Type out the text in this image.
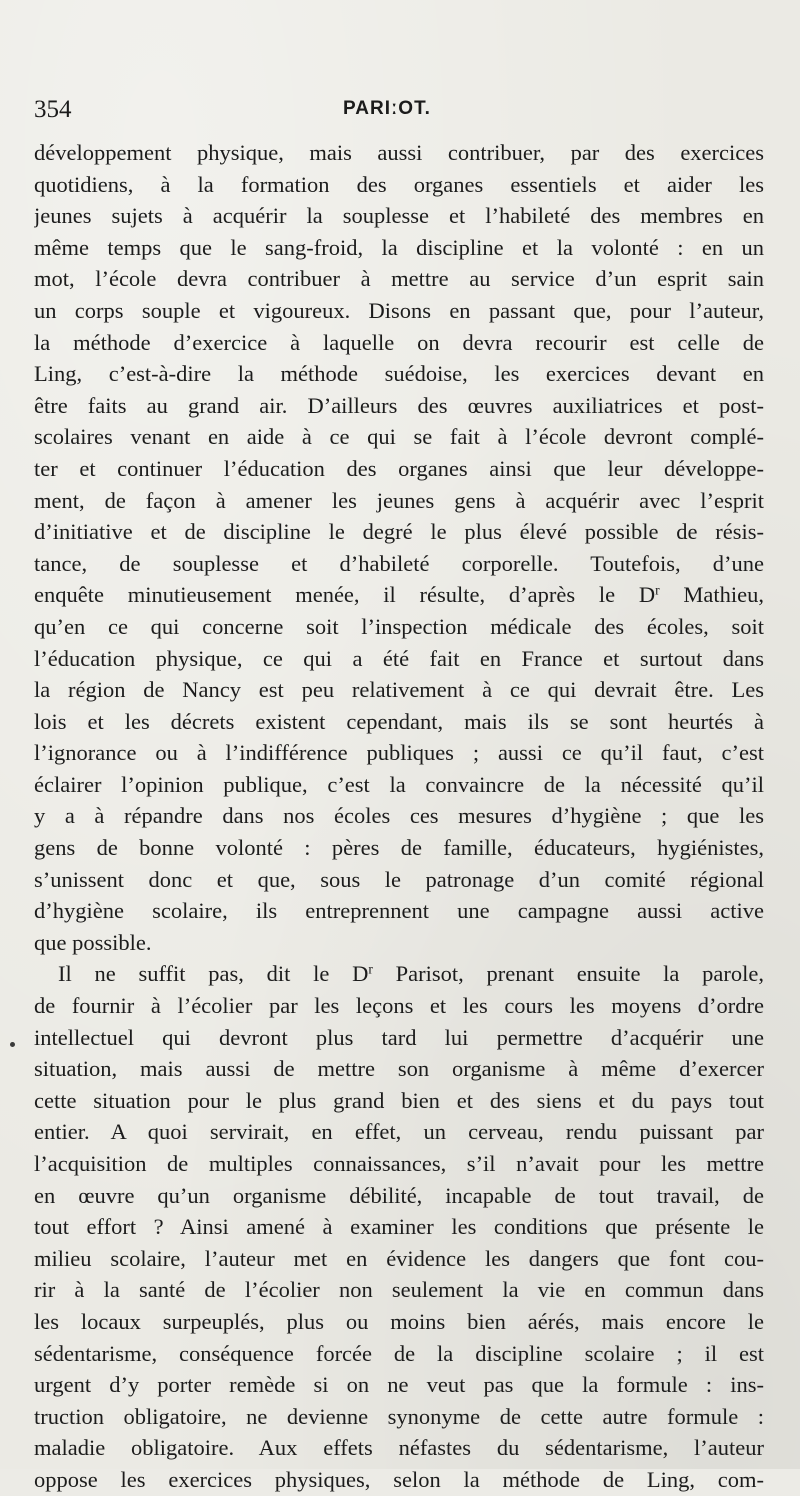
354	PARIːOT.
développement physique, mais aussi contribuer, par des exercices
quotidiens, à la formation des organes essentiels et aider les
jeunes sujets à acquérir la souplesse et l’habileté des membres en
même temps que le sang-froid, la discipline et la volonté : en un
mot, l’école devra contribuer à mettre au service d’un esprit sain
un corps souple et vigoureux. Disons en passant que, pour l’auteur,
la méthode d’exercice à laquelle on devra recourir est celle de
Ling, c’est-à-dire la méthode suédoise, les exercices devant en
être faits au grand air. D’ailleurs des œuvres auxiliatrices et post-
scolaires venant en aide à ce qui se fait à l’école devront complé-
ter et continuer l’éducation des organes ainsi que leur développe-
ment, de façon à amener les jeunes gens à acquérir avec l’esprit
d’initiative et de discipline le degré le plus élevé possible de résis-
tance, de souplesse et d’habileté corporelle. Toutefois, d’une
enquête minutieusement menée, il résulte, d’après le $D^r$ Mathieu,
qu’en ce qui concerne soit l’inspection médicale des écoles, soit
l’éducation physique, ce qui a été fait en France et surtout dans
la région de Nancy est peu relativement à ce qui devrait être. Les
lois et les décrets existent cependant, mais ils se sont heurtés à
l’ignorance ou à l’indifférence publiques ; aussi ce qu’il faut, c’est
éclairer l’opinion publique, c’est la convaincre de la nécessité qu’il
y a à répandre dans nos écoles ces mesures d’hygiène ; que les
gens de bonne volonté : pères de famille, éducateurs, hygiénistes,
s’unissent donc et que, sous le patronage d’un comité régional
d’hygiène scolaire, ils entreprennent une campagne aussi active
que possible.
Il ne suffit pas, dit le $D^r$ Parisot, prenant ensuite la parole,
de fournir à l’écolier par les leçons et les cours les moyens d’ordre
intellectuel qui devront plus tard lui permettre d’acquérir une
situation, mais aussi de mettre son organisme à même d’exercer
cette situation pour le plus grand bien et des siens et du pays tout
entier. A quoi servirait, en effet, un cerveau, rendu puissant par
l’acquisition de multiples connaissances, s’il n’avait pour les mettre
en œuvre qu’un organisme débilité, incapable de tout travail, de
tout effort ? Ainsi amené à examiner les conditions que présente le
milieu scolaire, l’auteur met en évidence les dangers que font cou-
rir à la santé de l’écolier non seulement la vie en commun dans
les locaux surpeuplés, plus ou moins bien aérés, mais encore le
sédentarisme, conséquence forcée de la discipline scolaire ; il est
urgent d’y porter remède si on ne veut pas que la formule : ins-
truction obligatoire, ne devienne synonyme de cette autre formule :
maladie obligatoire. Aux effets néfastes du sédentarisme, l’auteur
oppose les exercices physiques, selon la méthode de Ling, com-
